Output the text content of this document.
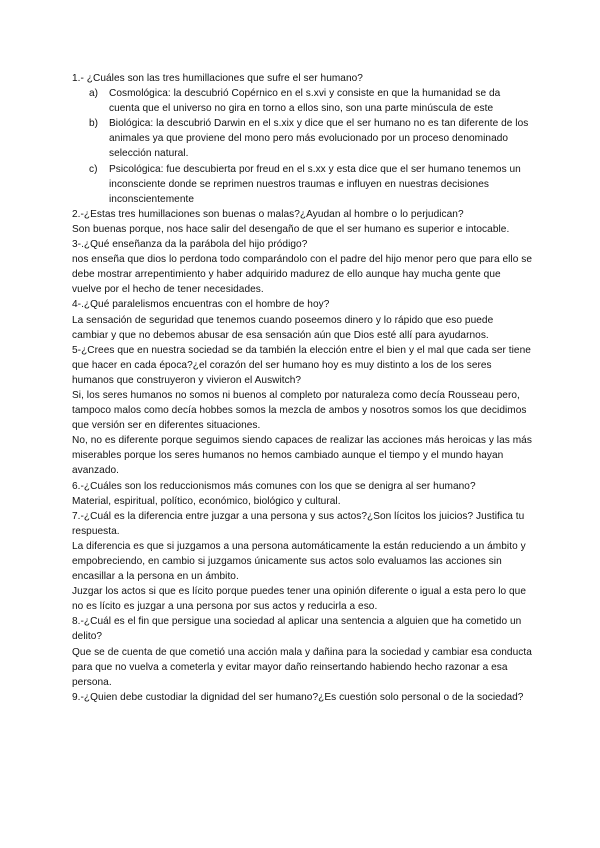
1.- ¿Cuáles son las tres humillaciones que sufre el ser humano?

a) Cosmológica: la descubrió Copérnico en el s.xvi y consiste en que la humanidad se da cuenta que el universo no gira en torno a ellos sino, son una parte minúscula de este
b) Biológica: la descubrió Darwin en el s.xix y dice que el ser humano no es tan diferente de los animales ya que proviene del mono pero más evolucionado por un proceso denominado selección natural.
c) Psicológica: fue descubierta por freud en el s.xx y esta dice que el ser humano tenemos un inconsciente donde se reprimen nuestros traumas e influyen en nuestras decisiones inconscientemente

2.-¿Estas tres humillaciones son buenas o malas?¿Ayudan al hombre o lo perjudican?

Son buenas porque, nos hace salir del desengaño de que el ser humano es superior e intocable.

3-.¿Qué enseñanza da la parábola del hijo pródigo?

nos enseña que dios lo perdona todo comparándolo con el padre del hijo menor pero que para ello se debe mostrar arrepentimiento y haber adquirido madurez de ello aunque hay mucha gente que vuelve por el hecho de tener necesidades.

4-.¿Qué paralelismos encuentras con el hombre de hoy?

La sensación de seguridad que tenemos cuando poseemos dinero y lo rápido que eso puede cambiar y que no debemos abusar de esa sensación aún que Dios esté allí para ayudarnos.

5-¿Crees que en nuestra sociedad se da también la elección entre el bien y el mal que cada ser tiene que hacer en cada época?¿el corazón del ser humano hoy es muy distinto a los de los seres humanos que construyeron y vivieron el Auswitch?

Si, los seres humanos no somos ni buenos al completo por naturaleza como decía Rousseau pero, tampoco malos como decía hobbes somos la mezcla de ambos y nosotros somos los que decidimos que versión ser en diferentes situaciones.

No, no es diferente porque seguimos siendo capaces de realizar las acciones más heroicas y las más miserables porque los seres humanos no hemos cambiado aunque el tiempo y el mundo hayan avanzado.

6.-¿Cuáles son los reduccionismos más comunes con los que se denigra al ser humano?

Material, espiritual, político, económico, biológico y cultural.

7.-¿Cuál es la diferencia entre juzgar a una persona y sus actos?¿Son lícitos los juicios? Justifica tu respuesta.

La diferencia es que si juzgamos a una persona automáticamente la están reduciendo a un ámbito y empobreciendo, en cambio si juzgamos únicamente sus actos solo evaluamos las acciones sin encasillar a la persona en un ámbito.

Juzgar los actos si que es lícito porque puedes tener una opinión diferente o igual a esta pero lo que no es lícito es juzgar a una persona por sus actos y reducirla a eso.

8.-¿Cuál es el fin que persigue una sociedad al aplicar una sentencia a alguien que ha cometido un delito?

Que se de cuenta de que cometió una acción mala y dañina para la sociedad y cambiar esa conducta para que no vuelva a cometerla y evitar mayor daño reinsertando habiendo hecho razonar a esa persona.

9.-¿Quien debe custodiar la dignidad del ser humano?¿Es cuestión solo personal o de la sociedad?
